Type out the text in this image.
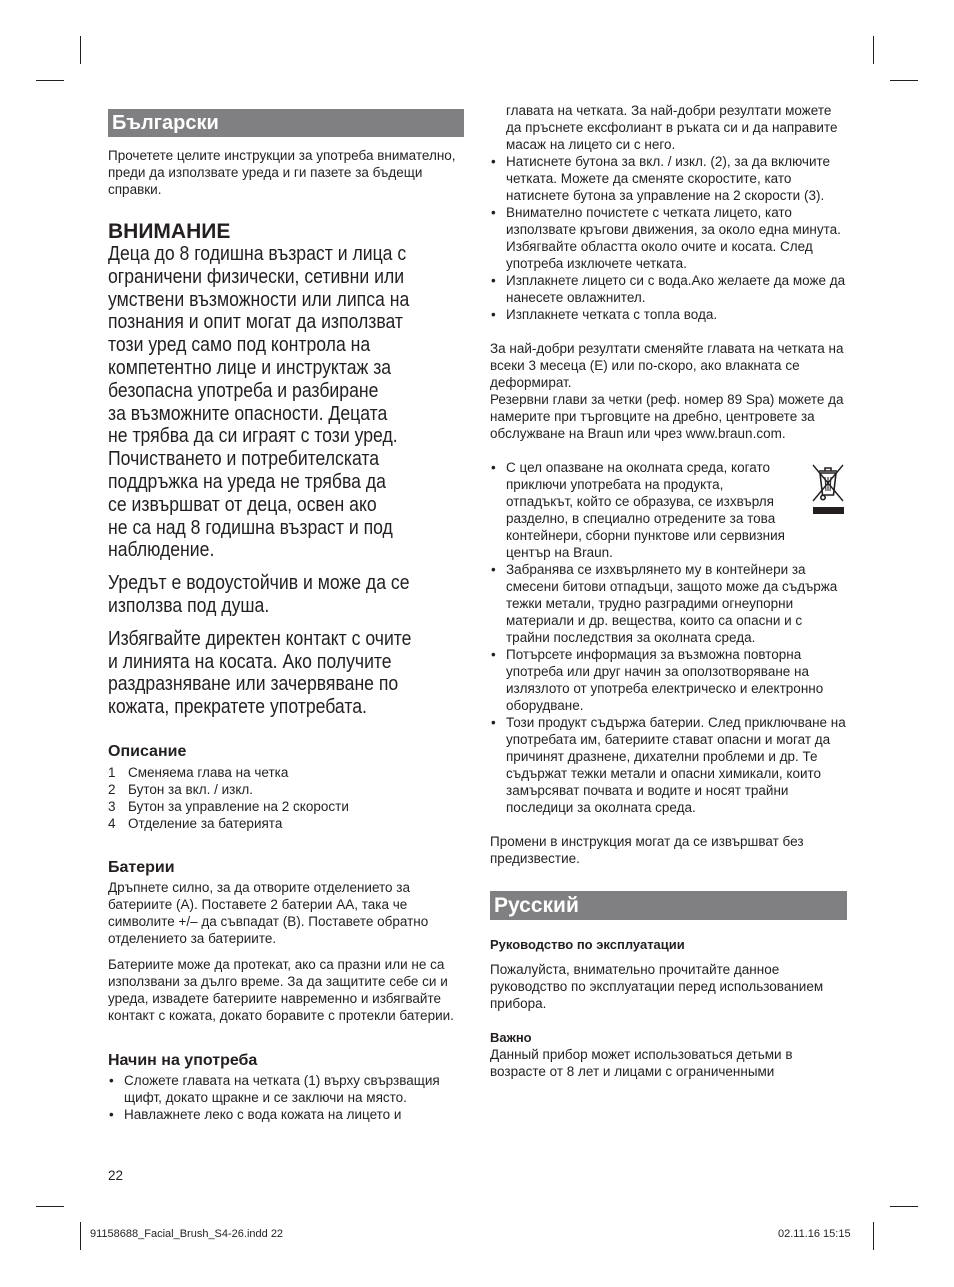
Български

Прочетете целите инструкции за употреба внимателно, преди да използвате уреда и ги пазете за бъдещи справки.

ВНИМАНИЕ
Деца до 8 годишна възраст и лица с
ограничени физически, сетивни или
умствени възможности или липса на
познания и опит могат да използват
този уред само под контрола на
компетентно лице и инструктаж за
безопасна употреба и разбиране
за възможните опасности. Децата
не трябва да си играят с този уред.
Почистването и потребителската
поддръжка на уреда не трябва да
се извършват от деца, освен ако
не са над 8 годишна възраст и под
наблюдение.
Уредът е водоустойчив и може да се
използва под душа.
Избягвайте директен контакт с очите
и линията на косата. Ако получите
раздразняване или зачервяване по
кожата, прекратете употребата.
Описание
1 Сменяема глава на четка
2 Бутон за вкл. / изкл.
3 Бутон за управление на 2 скорости
4 Отделение за батерията
Батерии

Дръпнете силно, за да отворите отделението за батериите (A). Поставете 2 батерии AA, така че символите +/– да съвпадат (B). Поставете обратно отделението за батериите.

Батериите може да протекат, ако са празни или не са използвани за дълго време. За да защитите себе си и уреда, извадете батериите навременно и избягвайте контакт с кожата, докато боравите с протекли батерии.

Начин на употреба
• Сложете главата на четката (1) върху свързващия щифт, докато щракне и се заключи на място.
• Навлажнете леко с вода кожата на лицето и

главата на четката. За най-добри резултати можете да пръснете ексфолиант в ръката си и да направите масаж на лицето си с него.

• Натиснете бутона за вкл. / изкл. (2), за да включите четката. Можете да сменяте скоростите, като натиснете бутона за управление на 2 скорости (3).
• Внимателно почистете с четката лицето, като използвате кръгови движения, за около една минута. Избягвайте областта около очите и косата. След употреба изключете четката.
• Изплакнете лицето си с вода.Ако желаете да може да нанесете овлажнител.
• Изплакнете четката с топла вода.

За най-добри резултати сменяйте главата на четката на всеки 3 месеца (E) или по-скоро, ако влакната се деформират.

Резервни глави за четки (реф. номер 89 Spa) можете да намерите при търговците на дребно, центровете за обслужване на Braun или чрез www.braun.com.

• С цел опазване на околната среда, когато приключи употребата на продукта, отпадъкът, който се образува, се изхвърля разделно, в специално отредените за това контейнери, сборни пунктове или сервизния център на Braun.
• Забранява се изхвърлянето му в контейнери за смесени битови отпадъци, защото може да съдържа тежки метали, трудно разградими огнеупорни материали и др. вещества, които са опасни и с трайни последствия за околната среда.
• Потърсете информация за възможна повторна употреба или друг начин за оползотворяване на излязлото от употреба електрическо и електронно оборудване.
• Този продукт съдържа батерии. След приключване на употребата им, батериите стават опасни и могат да причинят дразнене, дихателни проблеми и др. Те съдържат тежки метали и опасни химикали, които замърсяват почвата и водите и носят трайни последици за околната среда.

Промени в инструкция могат да се извършват без предизвестие.

Русский
Руководство по эксплуатации

Пожалуйста, внимательно прочитайте данное руководство по эксплуатации перед использованием прибора.

Важно

Данный прибор может использоваться детьми в возрасте от 8 лет и лицами с ограниченными

22
91158688_Facial_Brush_S4-26.indd 22	02.11.16 15:15
